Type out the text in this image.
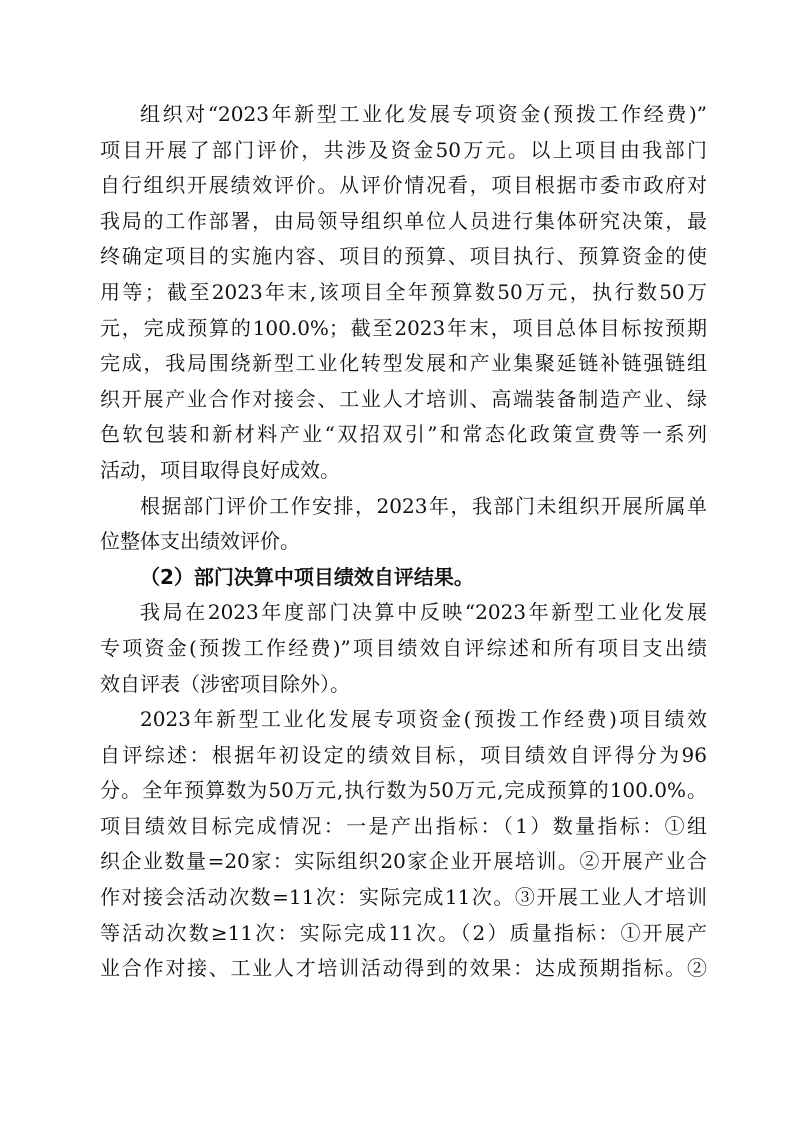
组织对“2023年新型工业化发展专项资金(预拨工作经费)”
项目开展了部门评价，共涉及资金50万元。以上项目由我部门
自行组织开展绩效评价。从评价情况看，项目根据市委市政府对
我局的工作部署，由局领导组织单位人员进行集体研究决策，最
终确定项目的实施内容、项目的预算、项目执行、预算资金的使
用等；截至2023年末,该项目全年预算数50万元，执行数50万
元，完成预算的100.0%；截至2023年末，项目总体目标按预期
完成，我局围绕新型工业化转型发展和产业集聚延链补链强链组
织开展产业合作对接会、工业人才培训、高端装备制造产业、绿
色软包装和新材料产业“双招双引”和常态化政策宣费等一系列
活动，项目取得良好成效。
根据部门评价工作安排，2023年，我部门未组织开展所属单
位整体支出绩效评价。
（2）部门决算中项目绩效自评结果。
我局在2023年度部门决算中反映“2023年新型工业化发展
专项资金(预拨工作经费)”项目绩效自评综述和所有项目支出绩
效自评表（涉密项目除外）。
2023年新型工业化发展专项资金(预拨工作经费)项目绩效
自评综述：根据年初设定的绩效目标，项目绩效自评得分为96
分。全年预算数为50万元,执行数为50万元,完成预算的100.0%。
项目绩效目标完成情况：一是产出指标：（1）数量指标：①组
织企业数量=20家：实际组织20家企业开展培训。②开展产业合
作对接会活动次数=11次：实际完成11次。③开展工业人才培训
等活动次数≥11次：实际完成11次。（2）质量指标：①开展产
业合作对接、工业人才培训活动得到的效果：达成预期指标。②
